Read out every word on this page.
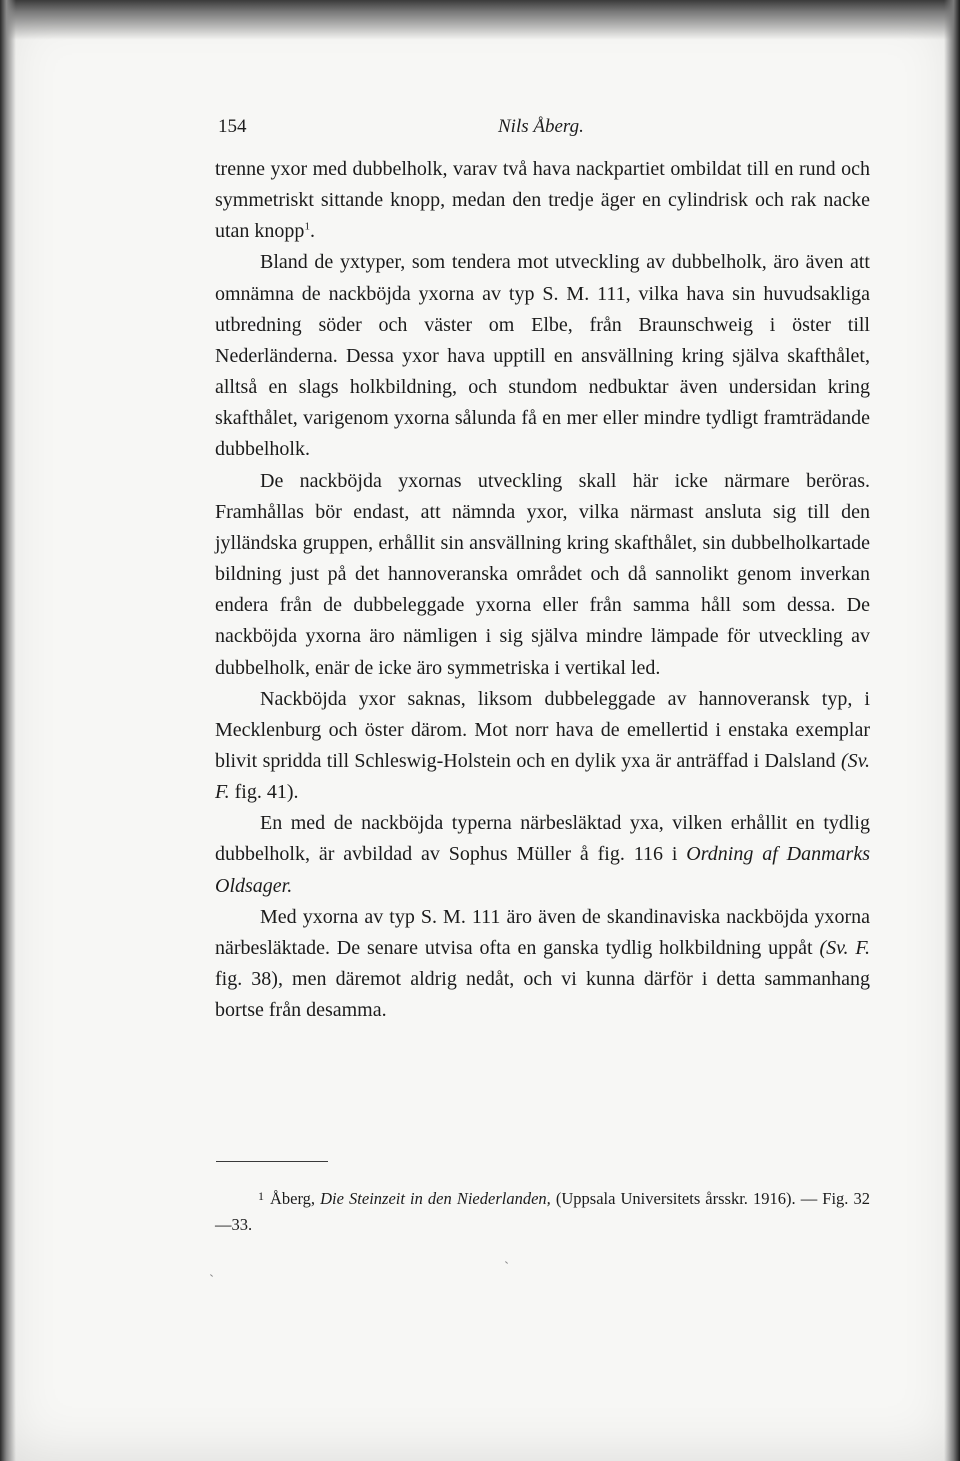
154	Nils Åberg.

trenne yxor med dubbelholk, varav två hava nackpartiet ombildat till en rund och symmetriskt sittande knopp, medan den tredje äger en cylindrisk och rak nacke utan knopp$^1$.

Bland de yxtyper, som tendera mot utveckling av dubbelholk, äro även att omnämna de nackböjda yxorna av typ S. M. 111, vilka hava sin huvudsakliga utbredning söder och väster om Elbe, från Braunschweig i öster till Nederländerna. Dessa yxor hava upptill en ansvällning kring själva skafthålet, alltså en slags holkbildning, och stundom nedbuktar även undersidan kring skafthålet, varigenom yxorna sålunda få en mer eller mindre tydligt framträdande dubbelholk.

De nackböjda yxornas utveckling skall här icke närmare beröras. Framhållas bör endast, att nämnda yxor, vilka närmast ansluta sig till den jylländska gruppen, erhållit sin ansvällning kring skafthålet, sin dubbelholkartade bildning just på det hannoveranska området och då sannolikt genom inverkan endera från de dubbeleggade yxorna eller från samma håll som dessa. De nackböjda yxorna äro nämligen i sig själva mindre lämpade för utveckling av dubbelholk, enär de icke äro symmetriska i vertikal led.

Nackböjda yxor saknas, liksom dubbeleggade av hannoveransk typ, i Mecklenburg och öster därom. Mot norr hava de emellertid i enstaka exemplar blivit spridda till Schleswig-Holstein och en dylik yxa är anträffad i Dalsland (Sv. F. fig. 41).

En med de nackböjda typerna närbesläktad yxa, vilken erhållit en tydlig dubbelholk, är avbildad av Sophus Müller å fig. 116 i Ordning af Danmarks Oldsager.

Med yxorna av typ S. M. 111 äro även de skandinaviska nackböjda yxorna närbesläktade. De senare utvisa ofta en ganska tydlig holkbildning uppåt (Sv. F. fig. 38), men däremot aldrig nedåt, och vi kunna därför i detta sammanhang bortse från desamma.

$^1$ Åberg, Die Steinzeit in den Niederlanden, (Uppsala Universitets årsskr. 1916). — Fig. 32—33.
